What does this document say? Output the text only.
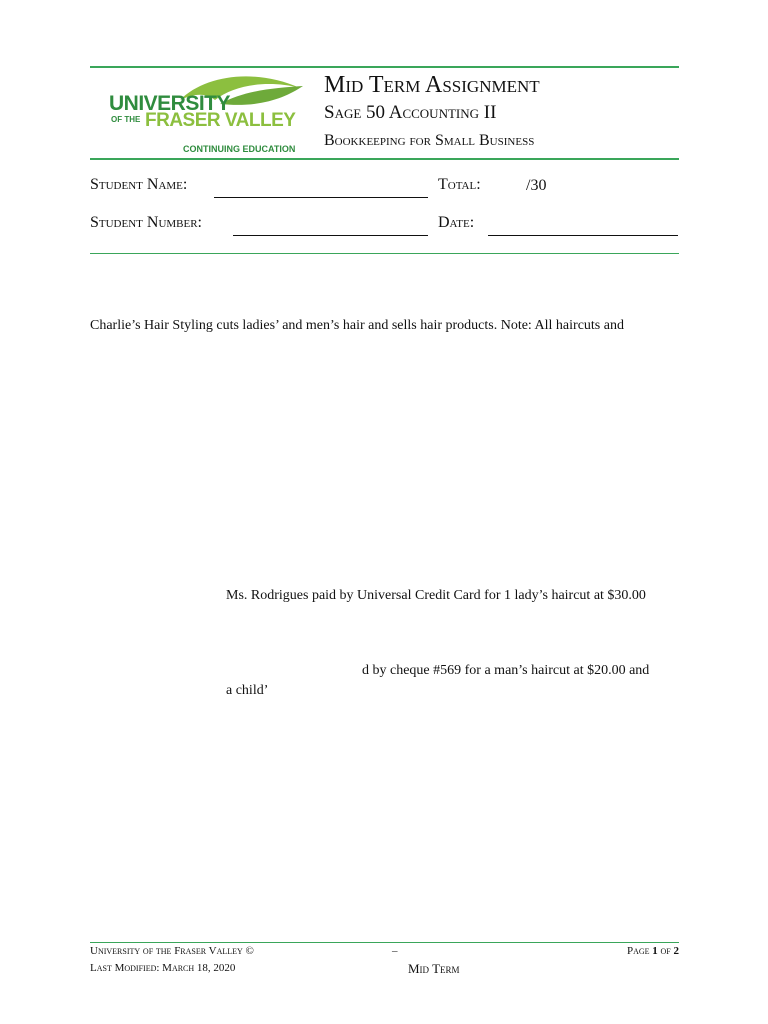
UNIVERSITY
OF THE FRASER VALLEY
CONTINUING EDUCATION
Mid Term Assignment
Sage 50 Accounting II
Bookkeeping for Small Business
Student Name:	Total:	/30
Student Number:	Date:
Charlie’s Hair Styling cuts ladies’ and men’s hair and sells hair products. Note: All haircuts and
Ms. Rodrigues paid by Universal Credit Card for 1 lady’s haircut at $30.00
d by cheque #569 for a man’s haircut at $20.00 and
a child’
University of the Fraser Valley ©	–	Page 1 of 2
Last Modified: March 18, 2020	Mid Term
